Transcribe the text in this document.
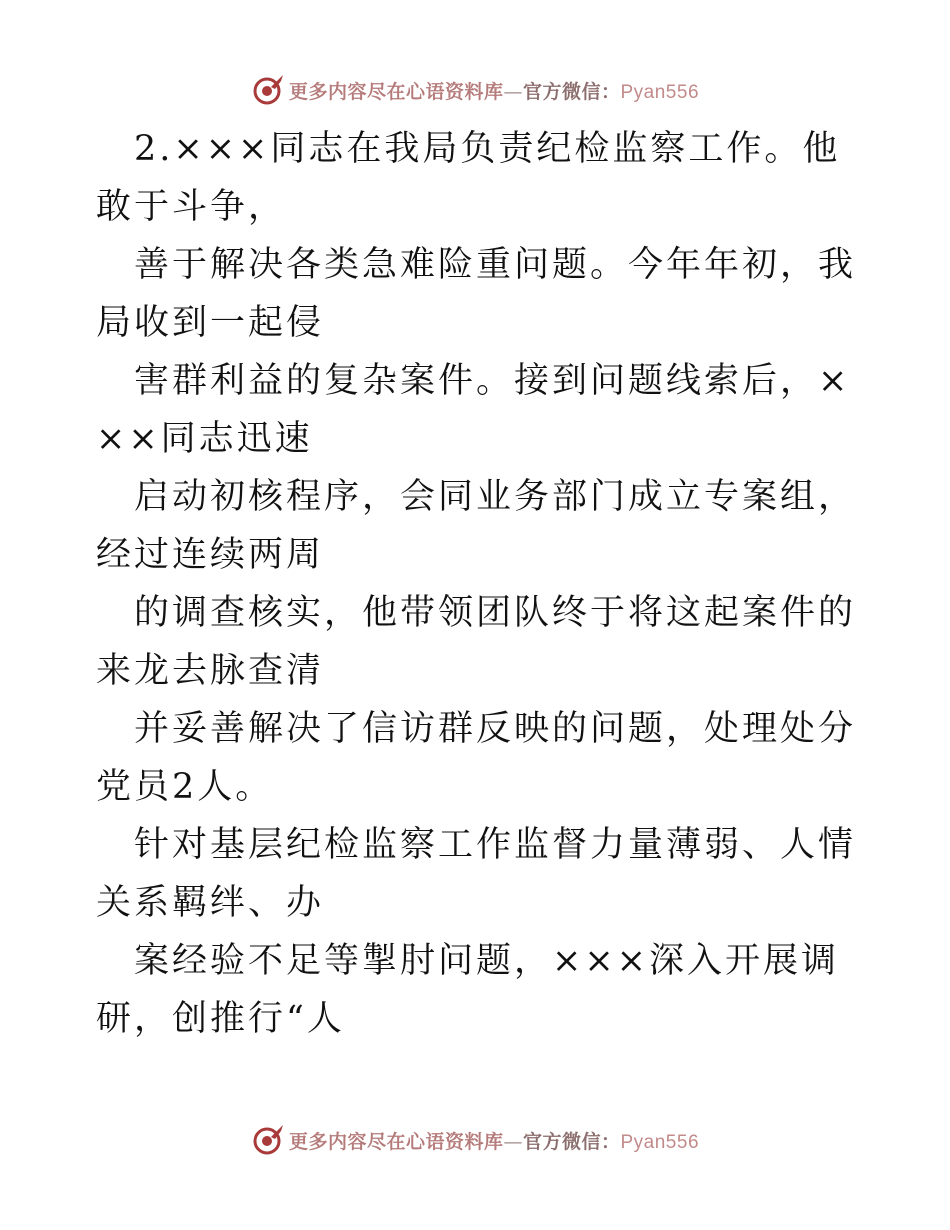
更多内容尽在心语资料库—官方微信：Pyan556

2.×××同志在我局负责纪检监察工作。他敢于斗争，

善于解决各类急难险重问题。今年年初，我局收到一起侵

害群利益的复杂案件。接到问题线索后，×××同志迅速

启动初核程序，会同业务部门成立专案组，经过连续两周

的调查核实，他带领团队终于将这起案件的来龙去脉查清

并妥善解决了信访群反映的问题，处理处分党员2人。

针对基层纪检监察工作监督力量薄弱、人情关系羁绊、办

案经验不足等掣肘问题，×××深入开展调研，创推行“人

更多内容尽在心语资料库—官方微信：Pyan556
